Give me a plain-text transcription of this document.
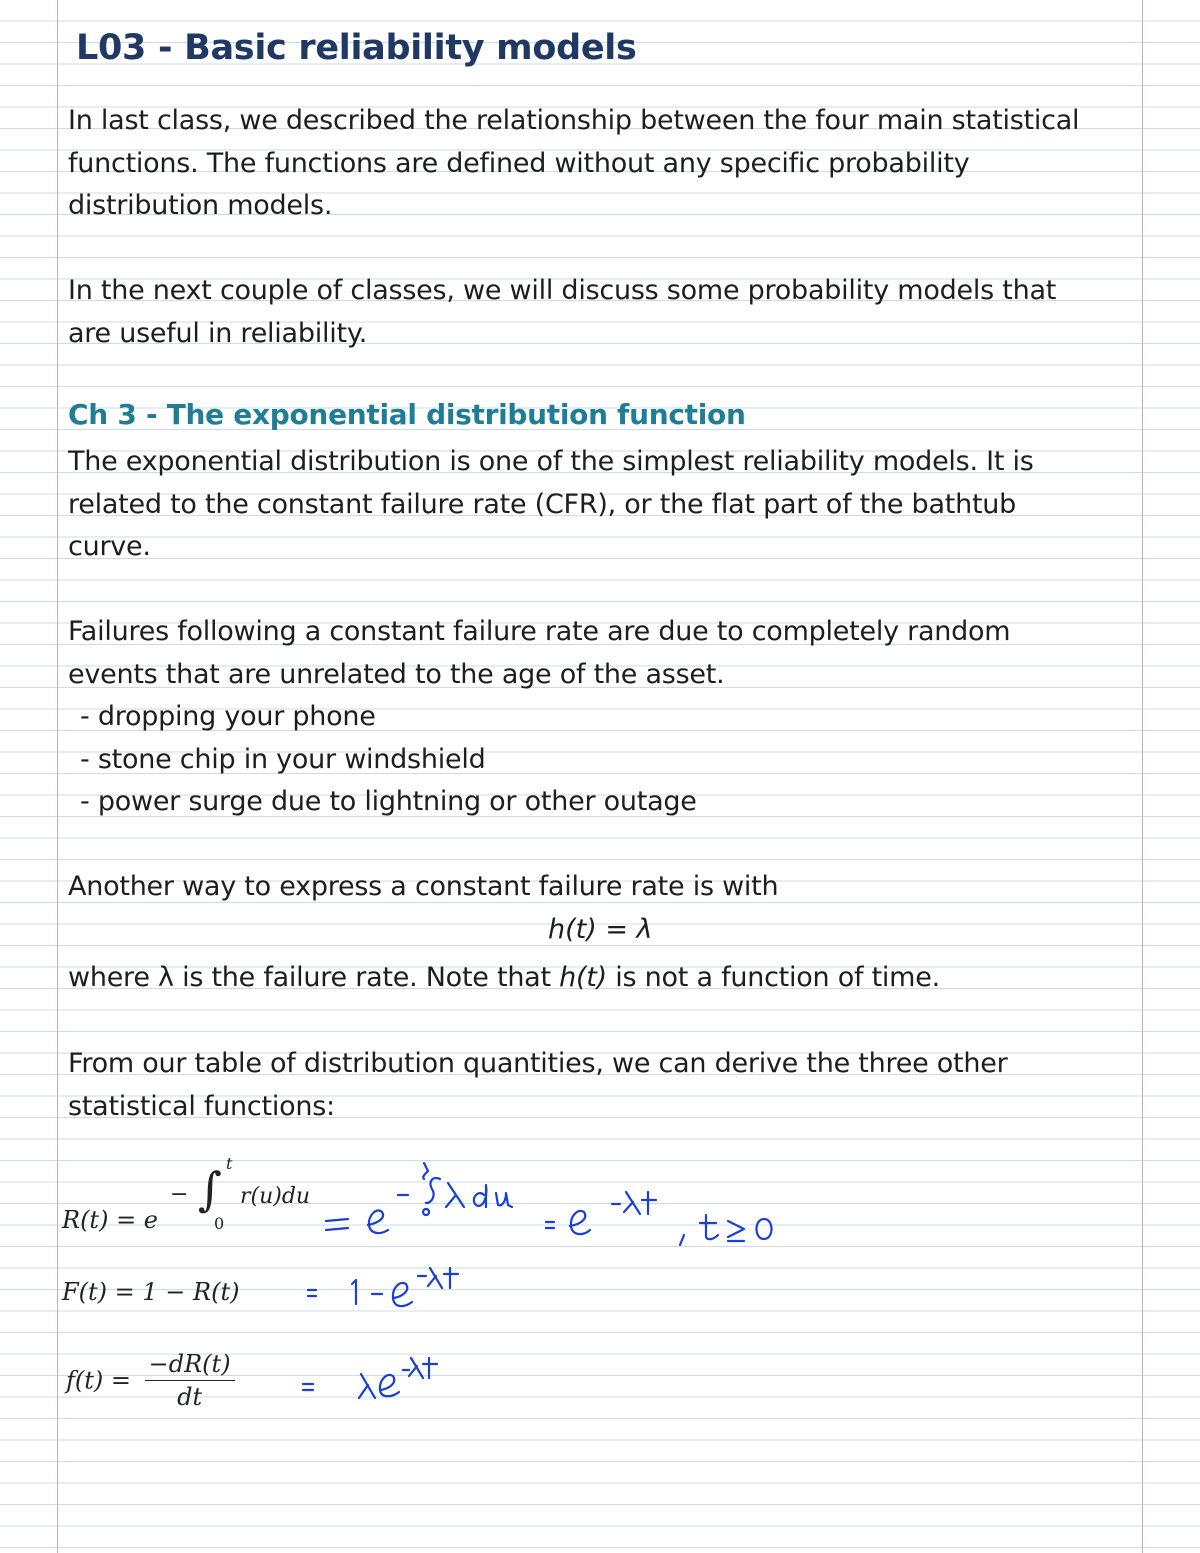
L03 - Basic reliability models
In last class, we described the relationship between the four main statistical
functions. The functions are defined without any specific probability
distribution models.
In the next couple of classes, we will discuss some probability models that
are useful in reliability.
Ch 3 - The exponential distribution function
The exponential distribution is one of the simplest reliability models. It is
related to the constant failure rate (CFR), or the flat part of the bathtub
curve.
Failures following a constant failure rate are due to completely random
events that are unrelated to the age of the asset.
- dropping your phone
- stone chip in your windshield
- power surge due to lightning or other outage
Another way to express a constant failure rate is with
h(t) = λ
where λ is the failure rate. Note that h(t) is not a function of time.
From our table of distribution quantities, we can derive the three other
statistical functions:
R(t) = e
− ∫ t
0
r(u)du
F(t) = 1 − R(t)
$f(t) = \frac{-dR(t)}{dt}$
